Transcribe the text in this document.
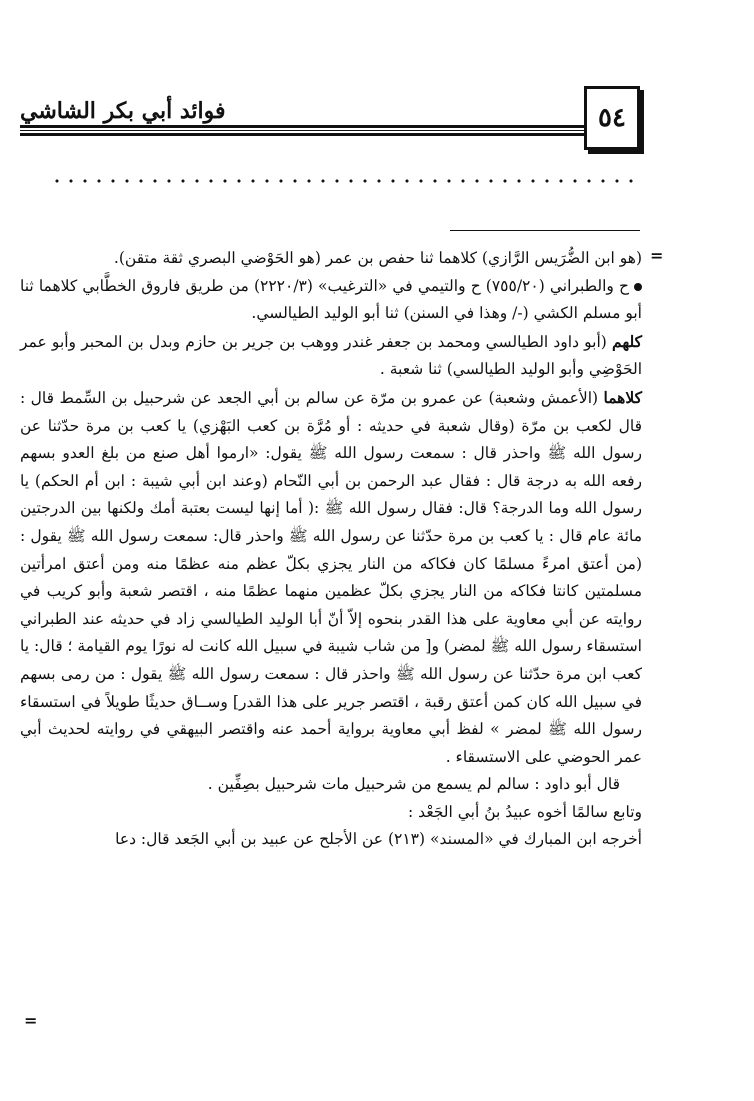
٥٤
فوائد أبي بكر الشاشي
=
=

(هو ابن الضُّرَيس الرَّازي) كلاهما ثنا حفص بن عمر (هو الحَوْضي البصري ثقة متقن).

ح والطبراني (٧٥٥/٢٠) ح والتيمي في «الترغيب» (٢٢٢٠/٣) من طريق فاروق الخطَّابي كلاهما ثنا أبو مسلم الكشي (-/ وهذا في السنن) ثنا أبو الوليد الطيالسي.

كلهم (أبو داود الطيالسي ومحمد بن جعفر غندر ووهب بن جرير بن حازم وبدل بن المحبر وأبو عمر الحَوْضِي وأبو الوليد الطيالسي) ثنا شعبة .

كلاهما (الأعمش وشعبة) عن عمرو بن مرّة عن سالم بن أبي الجعد عن شرحبيل بن السِّمط قال : قال لكعب بن مرّة (وقال شعبة في حديثه : أو مُرَّة بن كعب البَهْزي) يا كعب بن مرة حدّثنا عن رسول الله ﷺ واحذر قال : سمعت رسول الله ﷺ يقول: «ارموا أهل صنع من بلغ العدو بسهم رفعه الله به درجة قال : فقال عبد الرحمن بن أبي النّحام (وعند ابن أبي شيبة : ابن أم الحكم) يا رسول الله وما الدرجة؟ قال: فقال رسول الله ﷺ :( أما إنها ليست بعتبة أمك ولكنها بين الدرجتين مائة عام قال : يا كعب بن مرة حدّثنا عن رسول الله ﷺ واحذر قال: سمعت رسول الله ﷺ يقول : (من أعتق امرءً مسلمًا كان فكاكه من النار يجزي بكلّ عظم منه عظمًا منه ومن أعتق امرأتين مسلمتين كانتا فكاكه من النار يجزي بكلّ عظمين منهما عظمًا منه ، اقتصر شعبة وأبو كريب في روايته عن أبي معاوية على هذا القدر بنحوه إلاّ أنّ أبا الوليد الطيالسي زاد في حديثه عند الطبراني استسقاء رسول الله ﷺ لمضر) و[ من شاب شيبة في سبيل الله كانت له نورًا يوم القيامة ؛ قال: يا كعب ابن مرة حدّثنا عن رسول الله ﷺ واحذر قال : سمعت رسول الله ﷺ يقول : من رمى بسهم في سبيل الله كان كمن أعتق رقبة ، اقتصر جرير على هذا القدر] وســاق حديثًا طويلاً في استسقاء رسول الله ﷺ لمضر » لفظ أبي معاوية برواية أحمد عنه واقتصر البيهقي في روايته لحديث أبي عمر الحوضي على الاستسقاء .

قال أبو داود : سالم لم يسمع من شرحبيل مات شرحبيل بصِفِّين .

وتابع سالمًا أخوه عبيدُ بنُ أبي الجَعْد :

أخرجه ابن المبارك في «المسند» (٢١٣) عن الأجلح عن عبيد بن أبي الجَعد قال: دعا
